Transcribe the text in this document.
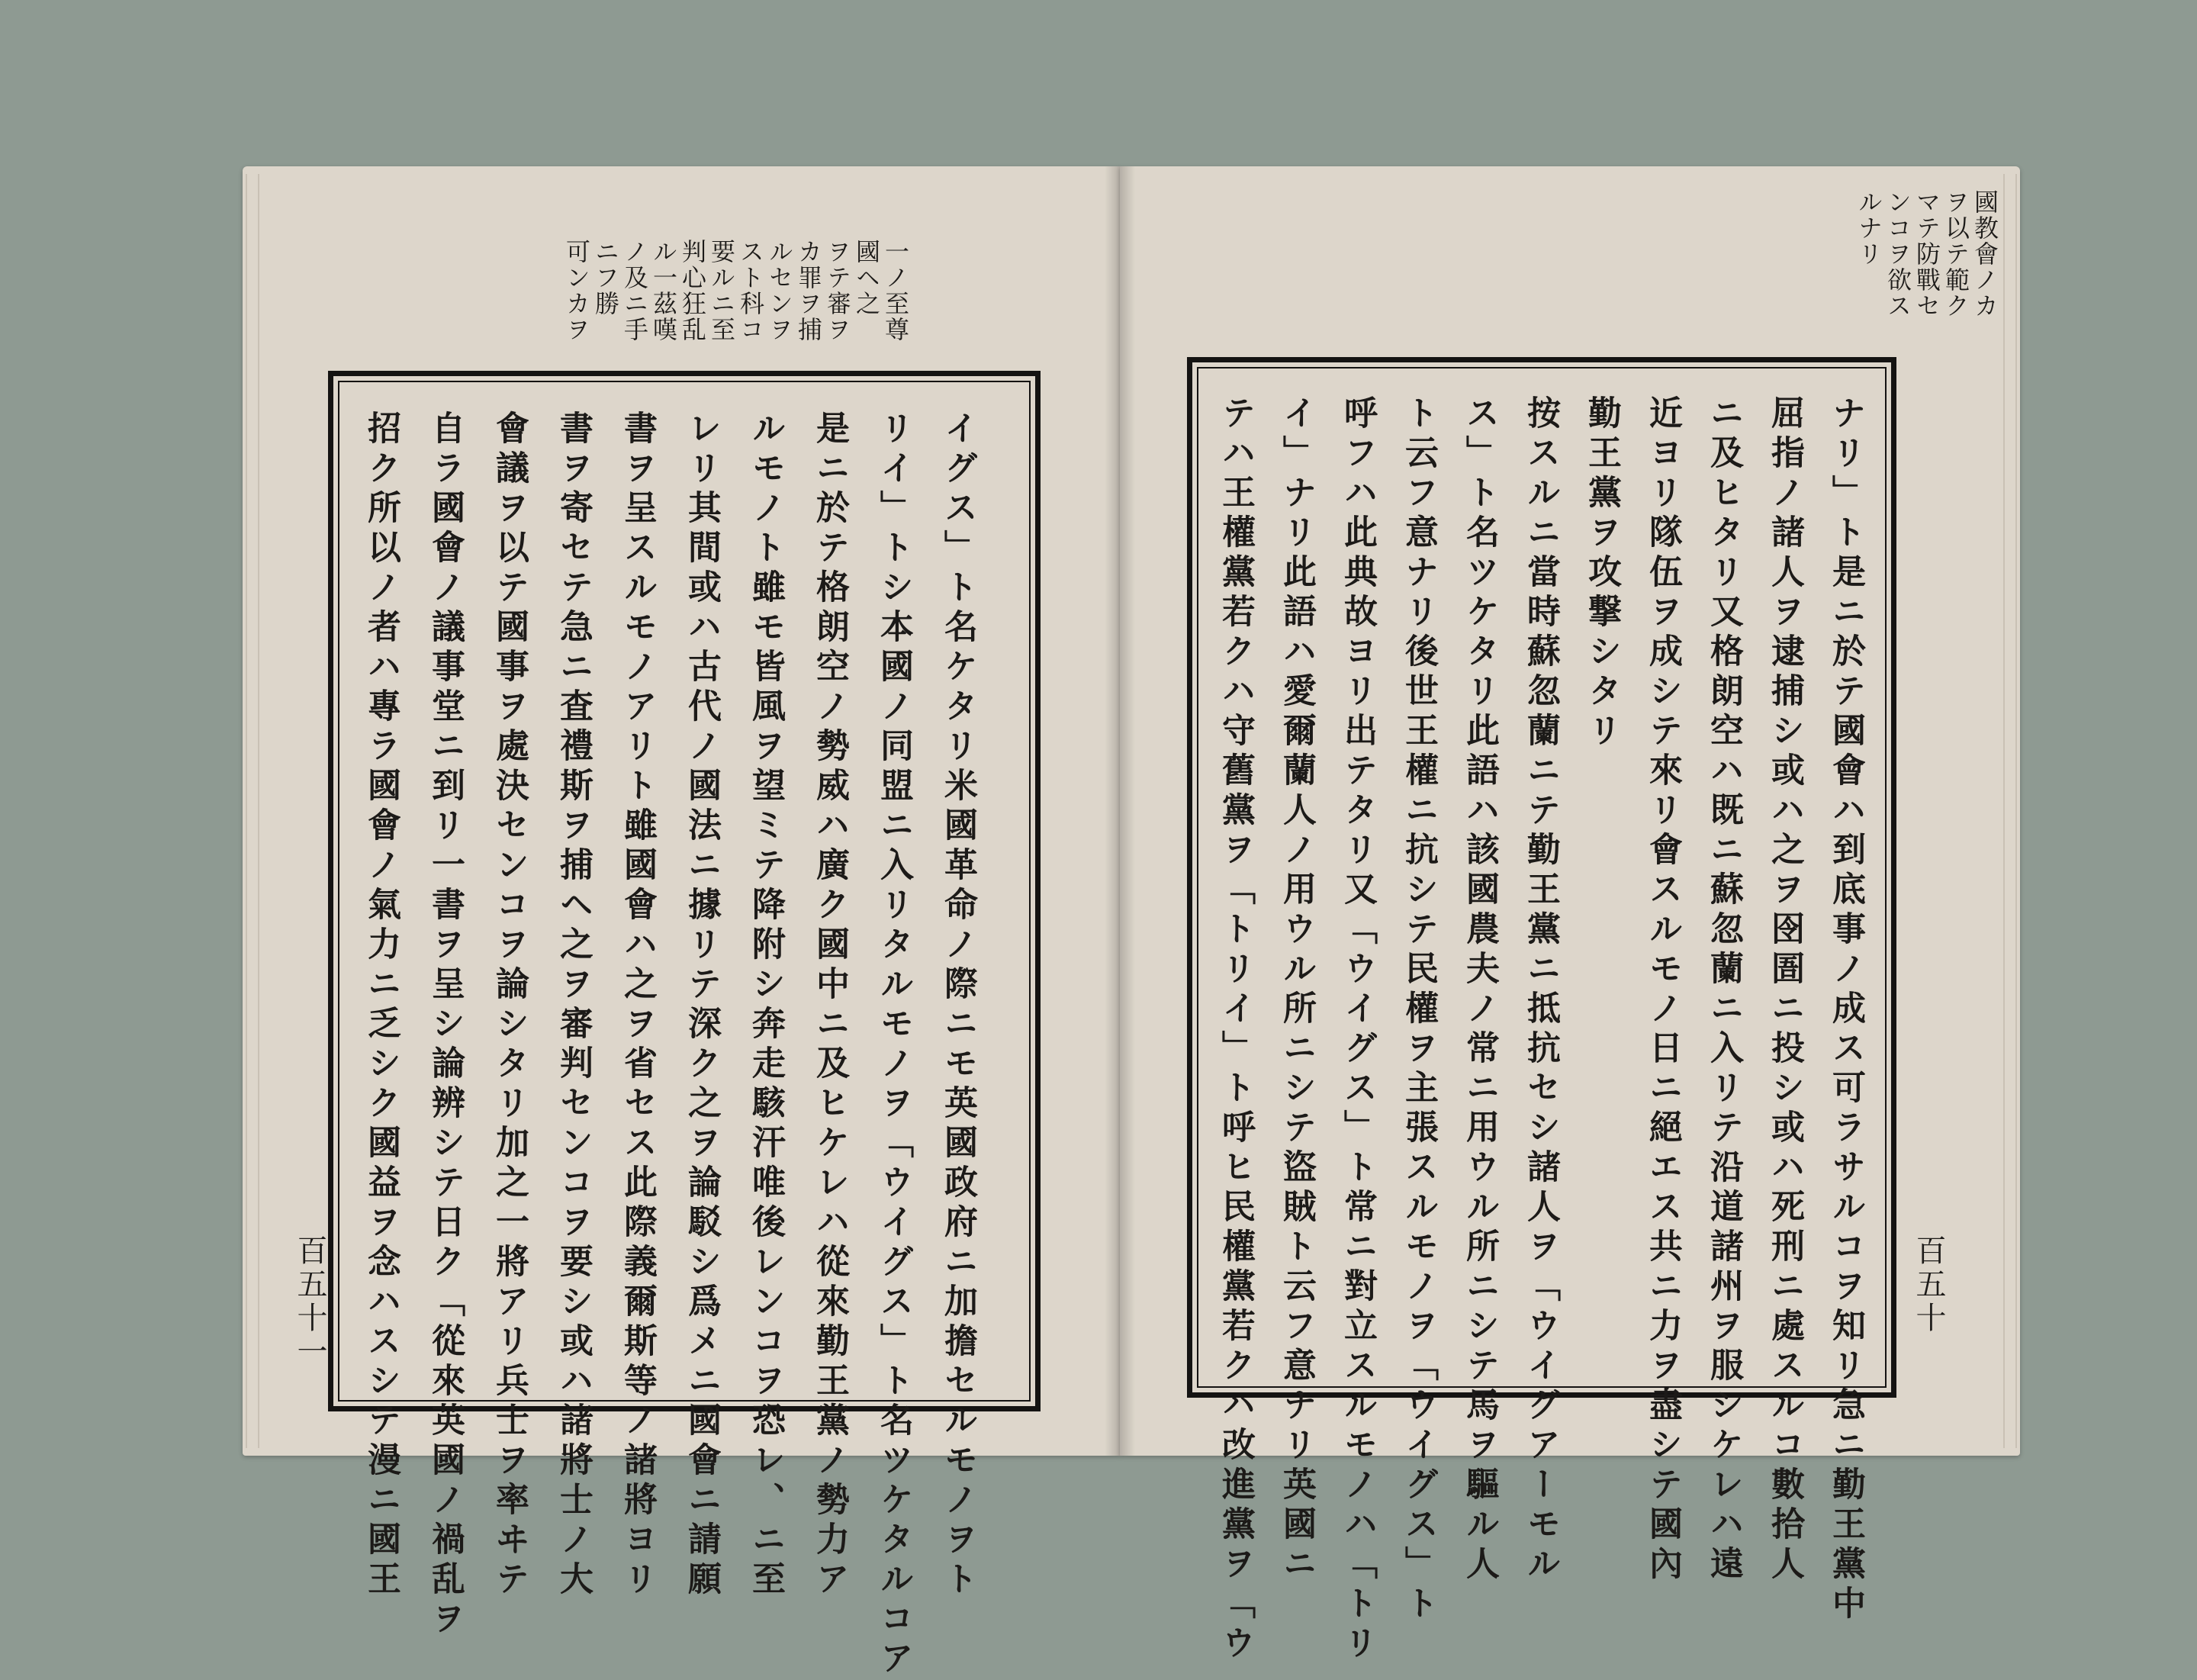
可ンカヲ ニフ勝 ノ及ニ手 ル一茲嘆 判心狂乱 要ルニ至 スト科コ ルセンヲ カ罪ヲ捕 ヲテ審ヲ 國ヘ之 一ノ至尊
招ク所以ノ者ハ專ラ國會ノ氣力ニ乏シク國益ヲ念ハスシテ漫ニ國王 自ラ國會ノ議事堂ニ到リ一書ヲ呈シ論辨シテ日ク「從來英國ノ禍乱ヲ 會議ヲ以テ國事ヲ處決センコヲ論シタリ加之一將アリ兵士ヲ率ヰテ 書ヲ寄セテ急ニ査禮斯ヲ捕ヘ之ヲ審判センコヲ要シ或ハ諸將士ノ大 書ヲ呈スルモノアリト雖國會ハ之ヲ省セス此際義爾斯等ノ諸將ヨリ レリ其間或ハ古代ノ國法ニ據リテ深ク之ヲ論駁シ爲メニ國會ニ請願 ルモノト雖モ皆風ヲ望ミテ降附シ奔走駭汗唯後レンコヲ恐レ、ニ至 是ニ於テ格朗空ノ勢威ハ廣ク國中ニ及ヒケレハ從來勤王黨ノ勢力ア リイ」トシ本國ノ同盟ニ入リタルモノヲ「ウイグス」ト名ツケタルコア イグス」ト名ケタリ米國革命ノ際ニモ英國政府ニ加擔セルモノヲト
百五十一
ルナリ ンコヲ欲ス マテ防戰セ ヲ以テ範ク 國教會ノカ
テハ王權黨若クハ守舊黨ヲ「トリイ」ト呼ヒ民權黨若クハ改進黨ヲ「ウ イ」ナリ此語ハ愛爾蘭人ノ用ウル所ニシテ盜賊ト云フ意ナリ英國ニ 呼フハ此典故ヨリ出テタリ又「ウイグス」ト常ニ對立スルモノハ「トリ ト云フ意ナリ後世王權ニ抗シテ民權ヲ主張スルモノヲ「ウイグス」ト ス」ト名ツケタリ此語ハ該國農夫ノ常ニ用ウル所ニシテ馬ヲ驅ル人 按スルニ當時蘇忽蘭ニテ勤王黨ニ抵抗セシ諸人ヲ「ウイグアーモル 勤王黨ヲ攻撃シタリ 近ヨリ隊伍ヲ成シテ來リ會スルモノ日ニ絕エス共ニ力ヲ盡シテ國內 ニ及ヒタリ又格朗空ハ既ニ蘇忽蘭ニ入リテ沿道諸州ヲ服シケレハ遠 屈指ノ諸人ヲ逮捕シ或ハ之ヲ囹圄ニ投シ或ハ死刑ニ處スルコ數拾人 ナリ」ト是ニ於テ國會ハ到底事ノ成ス可ラサルコヲ知リ急ニ勤王黨中 百五十
